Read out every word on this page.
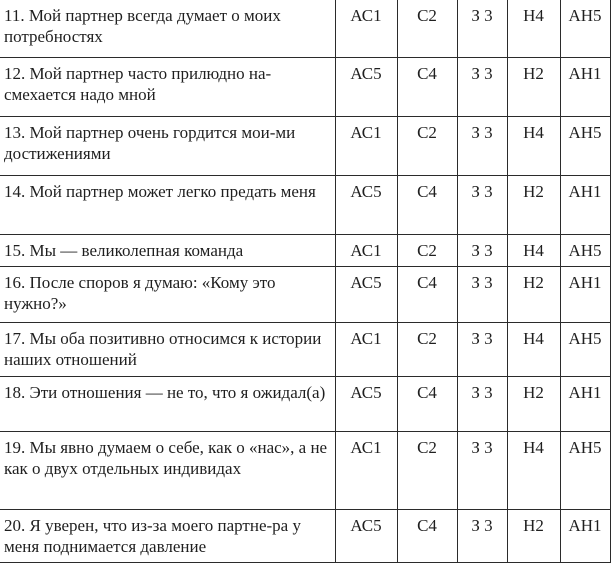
11. Мой партнер всегда думает о моих потребностях	АС1	С2	З 3	Н4	АН5
12. Мой партнер часто прилюдно на-смехается надо мной	АС5	С4	З 3	Н2	АН1
13. Мой партнер очень гордится мои-ми достижениями	АС1	С2	З 3	Н4	АН5
14. Мой партнер может легко предать меня	АС5	С4	З 3	Н2	АН1
15. Мы — великолепная команда	АС1	С2	З 3	Н4	АН5
16. После споров я думаю: «Кому это нужно?»	АС5	С4	З 3	Н2	АН1
17. Мы оба позитивно относимся к истории наших отношений	АС1	С2	З 3	Н4	АН5
18. Эти отношения — не то, что я ожидал(а)	АС5	С4	З 3	Н2	АН1
19. Мы явно думаем о себе, как о «нас», а не как о двух отдельных индивидах	АС1	С2	З 3	Н4	АН5
20. Я уверен, что из-за моего партне-ра у меня поднимается давление	АС5	С4	З 3	Н2	АН1
